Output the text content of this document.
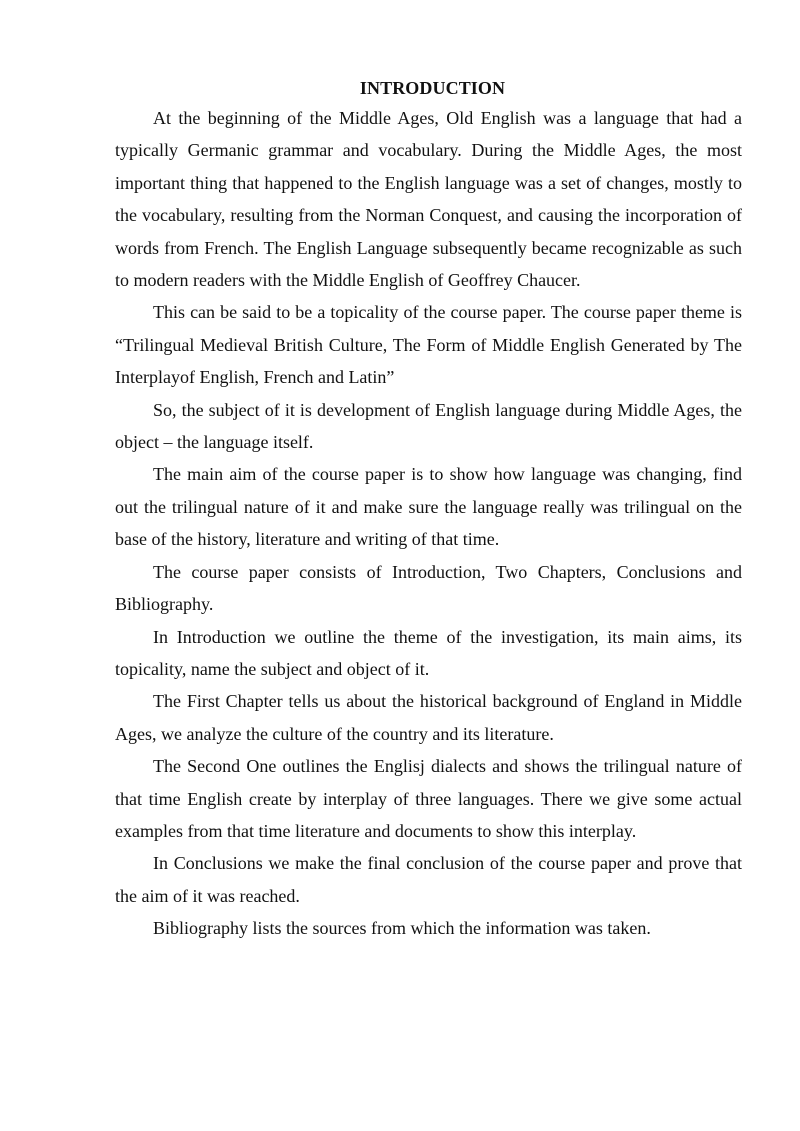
INTRODUCTION

At the beginning of the Middle Ages, Old English was a language that had a typically Germanic grammar and vocabulary. During the Middle Ages, the most important thing that happened to the English language was a set of changes, mostly to the vocabulary, resulting from the Norman Conquest, and causing the incorporation of words from French. The English Language subsequently became recognizable as such to modern readers with the Middle English of Geoffrey Chaucer.

This can be said to be a topicality of the course paper. The course paper theme is “Trilingual Medieval British Culture, The Form of Middle English Generated by The Interplayof English, French and Latin”

So, the subject of it is development of English language during Middle Ages, the object – the language itself.

The main aim of the course paper is to show how language was changing, find out the trilingual nature of it and make sure the language really was trilingual on the base of the history, literature and writing of that time.

The course paper consists of Introduction, Two Chapters, Conclusions and Bibliography.

In Introduction we outline the theme of the investigation, its main aims, its topicality, name the subject and object of it.

The First Chapter tells us about the historical background of England in Middle Ages, we analyze the culture of the country and its literature.

The Second One outlines the Englisj dialects and shows the trilingual nature of that time English create by interplay of three languages. There we give some actual examples from that time literature and documents to show this interplay.

In Conclusions we make the final conclusion of the course paper and prove that the aim of it was reached.

Bibliography lists the sources from which the information was taken.
